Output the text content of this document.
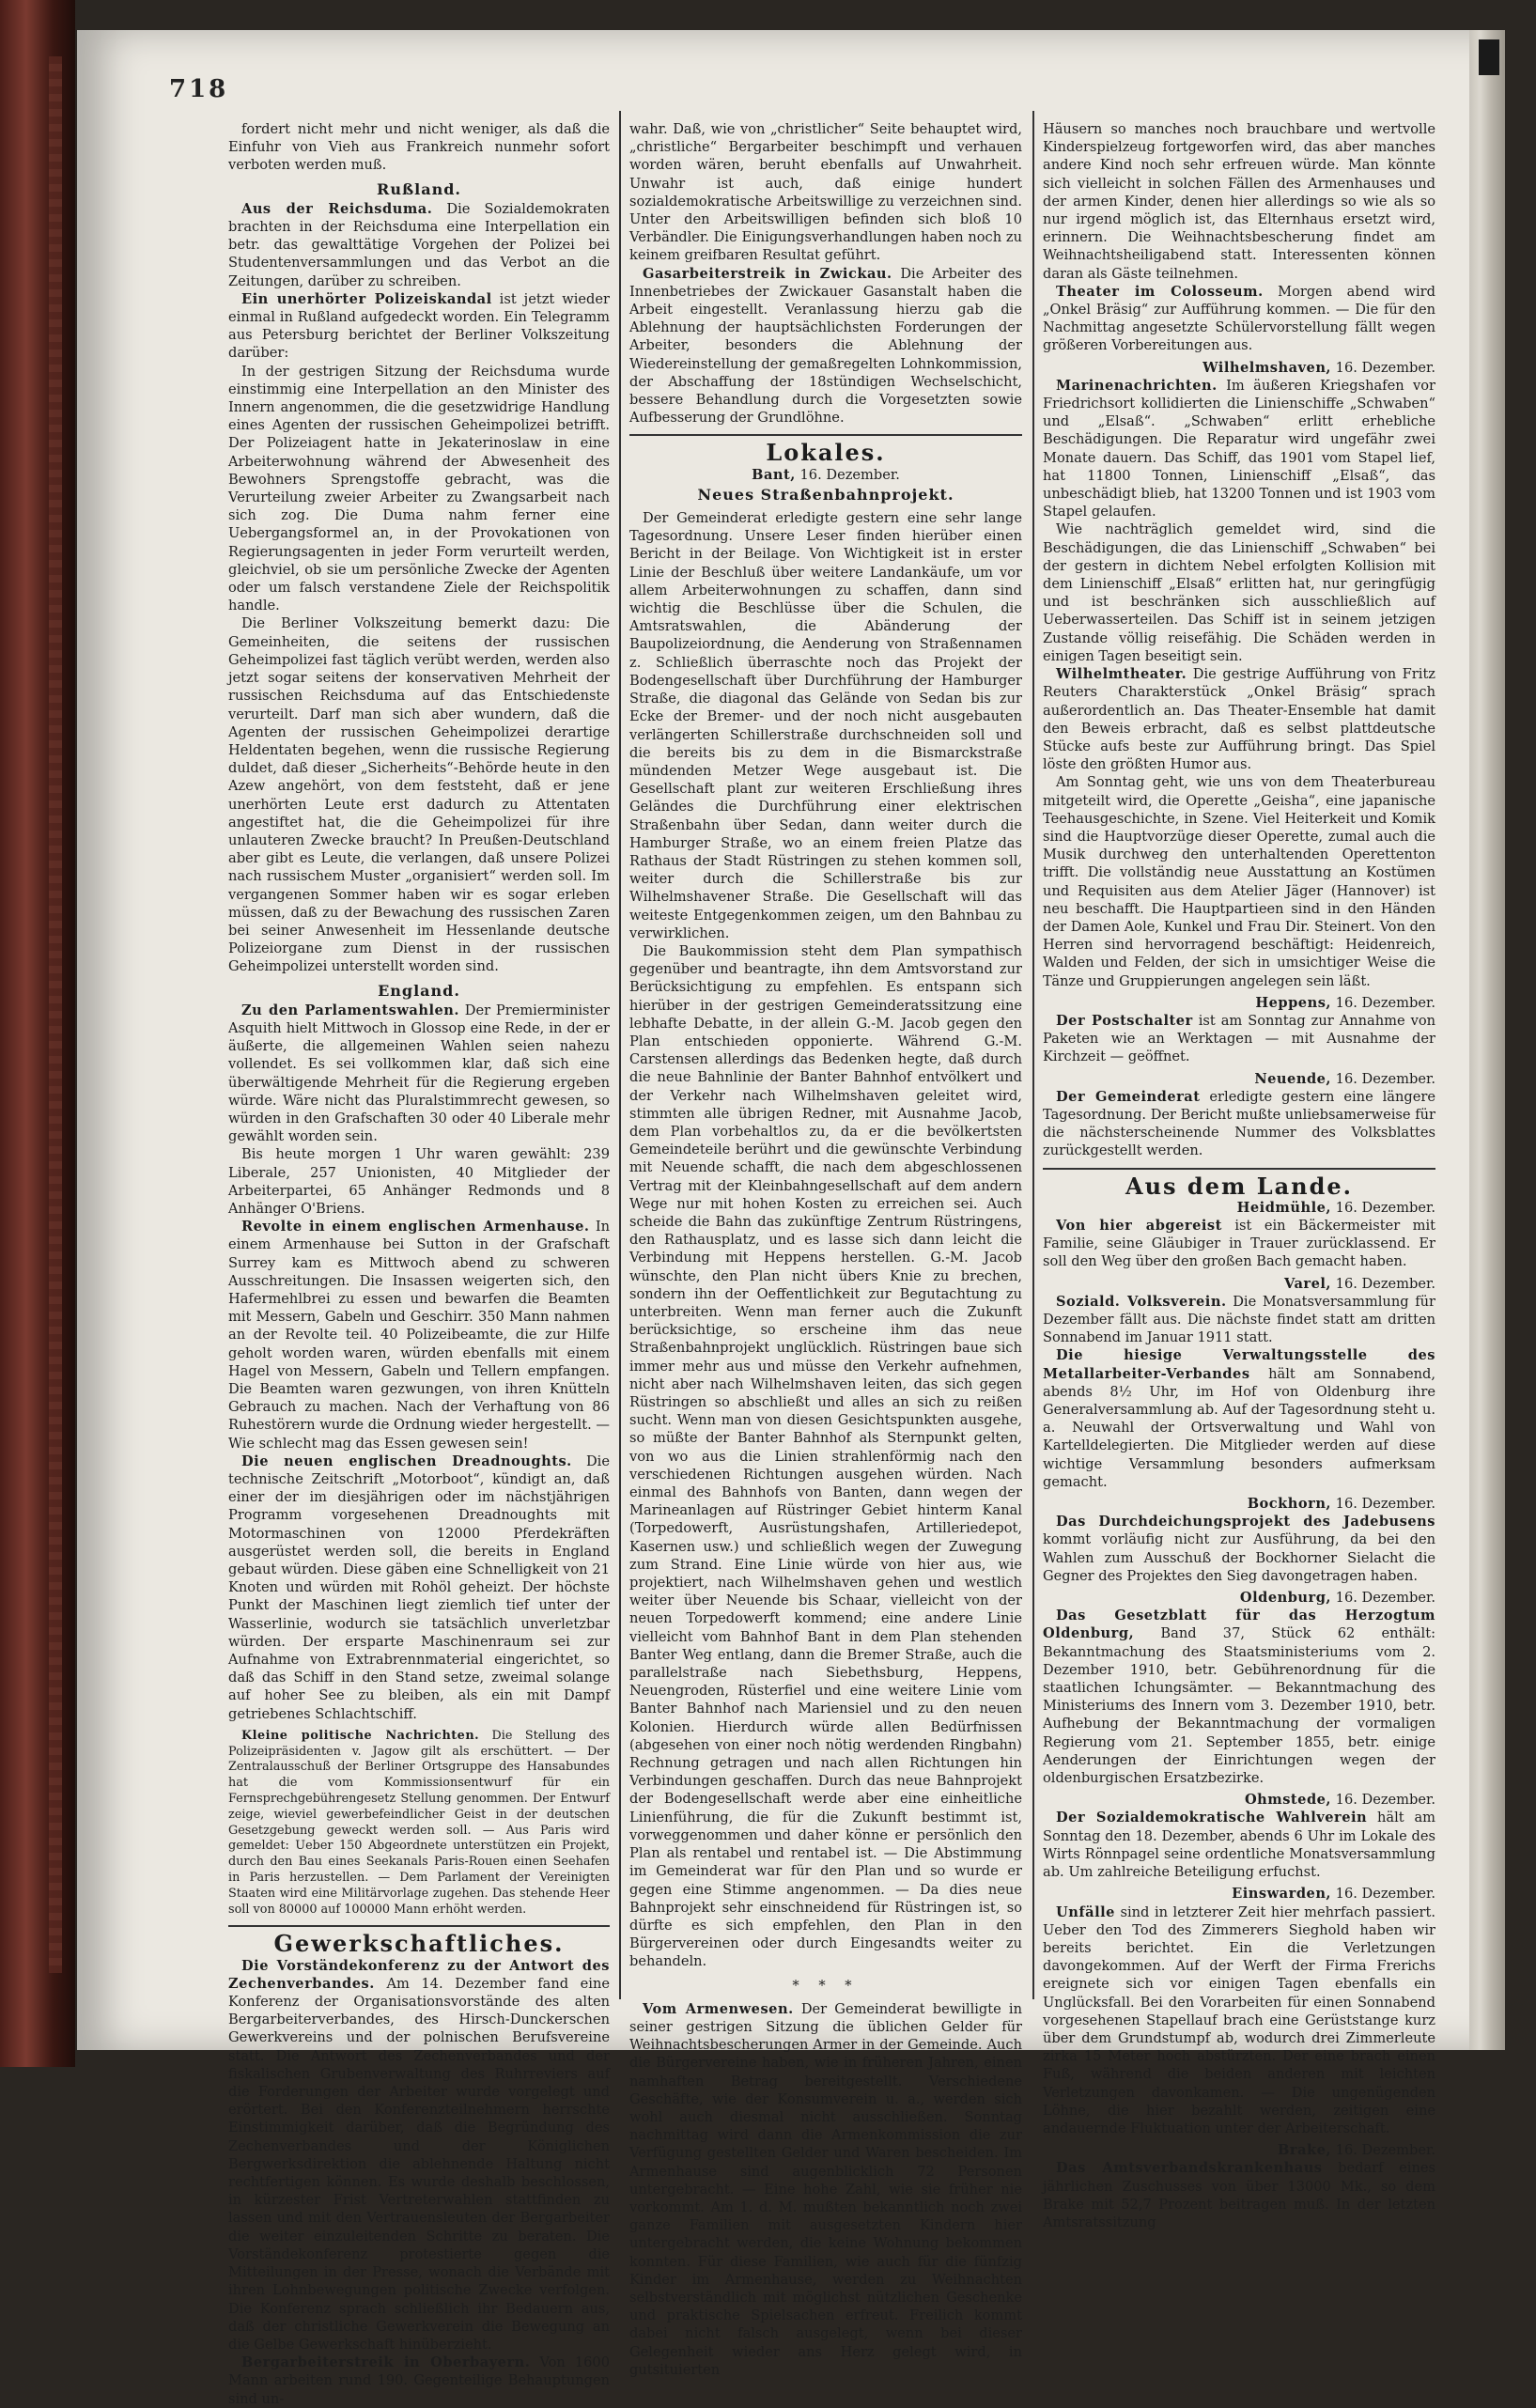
718

fordert nicht mehr und nicht weniger, als daß die Einfuhr von Vieh aus Frankreich nunmehr sofort verboten werden muß.

Rußland.

Aus der Reichsduma. Die Sozialdemokraten brachten in der Reichsduma eine Interpellation ein betr. das gewalttätige Vorgehen der Polizei bei Studentenversammlungen und das Verbot an die Zeitungen, darüber zu schreiben.

Ein unerhörter Polizeiskandal ist jetzt wieder einmal in Rußland aufgedeckt worden. Ein Telegramm aus Petersburg berichtet der Berliner Volkszeitung darüber:

In der gestrigen Sitzung der Reichsduma wurde einstimmig eine Interpellation an den Minister des Innern angenommen, die die gesetzwidrige Handlung eines Agenten der russischen Geheimpolizei betrifft. Der Polizeiagent hatte in Jekaterinoslaw in eine Arbeiterwohnung während der Abwesenheit des Bewohners Sprengstoffe gebracht, was die Verurteilung zweier Arbeiter zu Zwangsarbeit nach sich zog. Die Duma nahm ferner eine Uebergangsformel an, in der Provokationen von Regierungsagenten in jeder Form verurteilt werden, gleichviel, ob sie um persönliche Zwecke der Agenten oder um falsch verstandene Ziele der Reichspolitik handle.

Die Berliner Volkszeitung bemerkt dazu: Die Gemeinheiten, die seitens der russischen Geheimpolizei fast täglich verübt werden, werden also jetzt sogar seitens der konservativen Mehrheit der russischen Reichsduma auf das Entschiedenste verurteilt. Darf man sich aber wundern, daß die Agenten der russischen Geheimpolizei derartige Heldentaten begehen, wenn die russische Regierung duldet, daß dieser „Sicherheits“-Behörde heute in den Azew angehört, von dem feststeht, daß er jene unerhörten Leute erst dadurch zu Attentaten angestiftet hat, die die Geheimpolizei für ihre unlauteren Zwecke braucht? In Preußen-Deutschland aber gibt es Leute, die verlangen, daß unsere Polizei nach russischem Muster „organisiert“ werden soll. Im vergangenen Sommer haben wir es sogar erleben müssen, daß zu der Bewachung des russischen Zaren bei seiner Anwesenheit im Hessenlande deutsche Polizeiorgane zum Dienst in der russischen Geheimpolizei unterstellt worden sind.

England.

Zu den Parlamentswahlen. Der Premierminister Asquith hielt Mittwoch in Glossop eine Rede, in der er äußerte, die allgemeinen Wahlen seien nahezu vollendet. Es sei vollkommen klar, daß sich eine überwältigende Mehrheit für die Regierung ergeben würde. Wäre nicht das Pluralstimmrecht gewesen, so würden in den Grafschaften 30 oder 40 Liberale mehr gewählt worden sein.

Bis heute morgen 1 Uhr waren gewählt: 239 Liberale, 257 Unionisten, 40 Mitglieder der Arbeiterpartei, 65 Anhänger Redmonds und 8 Anhänger O'Briens.

Revolte in einem englischen Armenhause. In einem Armenhause bei Sutton in der Grafschaft Surrey kam es Mittwoch abend zu schweren Ausschreitungen. Die Insassen weigerten sich, den Hafermehlbrei zu essen und bewarfen die Beamten mit Messern, Gabeln und Geschirr. 350 Mann nahmen an der Revolte teil. 40 Polizeibeamte, die zur Hilfe geholt worden waren, würden ebenfalls mit einem Hagel von Messern, Gabeln und Tellern empfangen. Die Beamten waren gezwungen, von ihren Knütteln Gebrauch zu machen. Nach der Verhaftung von 86 Ruhestörern wurde die Ordnung wieder hergestellt. — Wie schlecht mag das Essen gewesen sein!

Die neuen englischen Dreadnoughts. Die technische Zeitschrift „Motorboot“, kündigt an, daß einer der im diesjährigen oder im nächstjährigen Programm vorgesehenen Dreadnoughts mit Motormaschinen von 12000 Pferdekräften ausgerüstet werden soll, die bereits in England gebaut würden. Diese gäben eine Schnelligkeit von 21 Knoten und würden mit Rohöl geheizt. Der höchste Punkt der Maschinen liegt ziemlich tief unter der Wasserlinie, wodurch sie tatsächlich unverletzbar würden. Der ersparte Maschinenraum sei zur Aufnahme von Extrabrennmaterial eingerichtet, so daß das Schiff in den Stand setze, zweimal solange auf hoher See zu bleiben, als ein mit Dampf getriebenes Schlachtschiff.

Kleine politische Nachrichten. Die Stellung des Polizeipräsidenten v. Jagow gilt als erschüttert. — Der Zentralausschuß der Berliner Ortsgruppe des Hansabundes hat die vom Kommissionsentwurf für ein Fernsprechgebührengesetz Stellung genommen. Der Entwurf zeige, wieviel gewerbefeindlicher Geist in der deutschen Gesetzgebung geweckt werden soll. — Aus Paris wird gemeldet: Ueber 150 Abgeordnete unterstützen ein Projekt, durch den Bau eines Seekanals Paris-Rouen einen Seehafen in Paris herzustellen. — Dem Parlament der Vereinigten Staaten wird eine Militärvorlage zugehen. Das stehende Heer soll von 80000 auf 100000 Mann erhöht werden.

Gewerkschaftliches.

Die Vorständekonferenz zu der Antwort des Zechenverbandes. Am 14. Dezember fand eine Konferenz der Organisationsvorstände des alten Bergarbeiterverbandes, des Hirsch-Dunckerschen Gewerkvereins und der polnischen Berufsvereine statt. Die Antwort des Zechenverbandes und der fiskalischen Grubenverwaltung des Ruhrreviers auf die Forderungen der Arbeiter wurde vorgelegt und erörtert. Bei den Konferenzteilnehmern herrschte Einstimmigkeit darüber, daß die Begründung des Zechenverbandes und der Königlichen Bergwerksdirektion die ablehnende Haltung nicht rechtfertigen können. Es wurde deshalb beschlossen, in kürzester Frist Vertreterwahlen stattfinden zu lassen und mit den Vertrauensleuten der Bergarbeiter die weiter einzuleitenden Schritte zu beraten. Die Vorständekonferenz protestierte gegen die Mitteilungen in der Presse, wonach die Verbände mit ihren Lohnbewegungen politische Zwecke verfolgen. Die Konferenz sprach schließlich ihr Bedauern aus, daß der christliche Gewerkverein die Bewegung an die Gelbe Gewerkschaft hinüberzieht.

Bergarbeiterstreik in Oberbayern. Von 1600 Mann arbeiten rund 190. Gegenteilige Behauptungen sind un-

wahr. Daß, wie von „christlicher“ Seite behauptet wird, „christliche“ Bergarbeiter beschimpft und verhauen worden wären, beruht ebenfalls auf Unwahrheit. Unwahr ist auch, daß einige hundert sozialdemokratische Arbeitswillige zu verzeichnen sind. Unter den Arbeitswilligen befinden sich bloß 10 Verbändler. Die Einigungsverhandlungen haben noch zu keinem greifbaren Resultat geführt.

Gasarbeiterstreik in Zwickau. Die Arbeiter des Innenbetriebes der Zwickauer Gasanstalt haben die Arbeit eingestellt. Veranlassung hierzu gab die Ablehnung der hauptsächlichsten Forderungen der Arbeiter, besonders die Ablehnung der Wiedereinstellung der gemaßregelten Lohnkommission, der Abschaffung der 18stündigen Wechselschicht, bessere Behandlung durch die Vorgesetzten sowie Aufbesserung der Grundlöhne.

Lokales.
Bant, 16. Dezember.
Neues Straßenbahnprojekt.

Der Gemeinderat erledigte gestern eine sehr lange Tagesordnung. Unsere Leser finden hierüber einen Bericht in der Beilage. Von Wichtigkeit ist in erster Linie der Beschluß über weitere Landankäufe, um vor allem Arbeiterwohnungen zu schaffen, dann sind wichtig die Beschlüsse über die Schulen, die Amtsratswahlen, die Abänderung der Baupolizeiordnung, die Aenderung von Straßennamen z. Schließlich überraschte noch das Projekt der Bodengesellschaft über Durchführung der Hamburger Straße, die diagonal das Gelände von Sedan bis zur Ecke der Bremer- und der noch nicht ausgebauten verlängerten Schillerstraße durchschneiden soll und die bereits bis zu dem in die Bismarckstraße mündenden Metzer Wege ausgebaut ist. Die Gesellschaft plant zur weiteren Erschließung ihres Geländes die Durchführung einer elektrischen Straßenbahn über Sedan, dann weiter durch die Hamburger Straße, wo an einem freien Platze das Rathaus der Stadt Rüstringen zu stehen kommen soll, weiter durch die Schillerstraße bis zur Wilhelmshavener Straße. Die Gesellschaft will das weiteste Entgegenkommen zeigen, um den Bahnbau zu verwirklichen.

Die Baukommission steht dem Plan sympathisch gegenüber und beantragte, ihn dem Amtsvorstand zur Berücksichtigung zu empfehlen. Es entspann sich hierüber in der gestrigen Gemeinderatssitzung eine lebhafte Debatte, in der allein G.-M. Jacob gegen den Plan entschieden opponierte. Während G.-M. Carstensen allerdings das Bedenken hegte, daß durch die neue Bahnlinie der Banter Bahnhof entvölkert und der Verkehr nach Wilhelmshaven geleitet wird, stimmten alle übrigen Redner, mit Ausnahme Jacob, dem Plan vorbehaltlos zu, da er die bevölkertsten Gemeindeteile berührt und die gewünschte Verbindung mit Neuende schafft, die nach dem abgeschlossenen Vertrag mit der Kleinbahngesellschaft auf dem andern Wege nur mit hohen Kosten zu erreichen sei. Auch scheide die Bahn das zukünftige Zentrum Rüstringens, den Rathausplatz, und es lasse sich dann leicht die Verbindung mit Heppens herstellen. G.-M. Jacob wünschte, den Plan nicht übers Knie zu brechen, sondern ihn der Oeffentlichkeit zur Begutachtung zu unterbreiten. Wenn man ferner auch die Zukunft berücksichtige, so erscheine ihm das neue Straßenbahnprojekt unglücklich. Rüstringen baue sich immer mehr aus und müsse den Verkehr aufnehmen, nicht aber nach Wilhelmshaven leiten, das sich gegen Rüstringen so abschließt und alles an sich zu reißen sucht. Wenn man von diesen Gesichtspunkten ausgehe, so müßte der Banter Bahnhof als Sternpunkt gelten, von wo aus die Linien strahlenförmig nach den verschiedenen Richtungen ausgehen würden. Nach einmal des Bahnhofs von Banten, dann wegen der Marineanlagen auf Rüstringer Gebiet hinterm Kanal (Torpedowerft, Ausrüstungshafen, Artilleriedepot, Kasernen usw.) und schließlich wegen der Zuwegung zum Strand. Eine Linie würde von hier aus, wie projektiert, nach Wilhelmshaven gehen und westlich weiter über Neuende bis Schaar, vielleicht von der neuen Torpedowerft kommend; eine andere Linie vielleicht vom Bahnhof Bant in dem Plan stehenden Banter Weg entlang, dann die Bremer Straße, auch die parallelstraße nach Siebethsburg, Heppens, Neuengroden, Rüsterfiel und eine weitere Linie vom Banter Bahnhof nach Mariensiel und zu den neuen Kolonien. Hierdurch würde allen Bedürfnissen (abgesehen von einer noch nötig werdenden Ringbahn) Rechnung getragen und nach allen Richtungen hin Verbindungen geschaffen. Durch das neue Bahnprojekt der Bodengesellschaft werde aber eine einheitliche Linienführung, die für die Zukunft bestimmt ist, vorweggenommen und daher könne er persönlich den Plan als rentabel und rentabel ist. — Die Abstimmung im Gemeinderat war für den Plan und so wurde er gegen eine Stimme angenommen. — Da dies neue Bahnprojekt sehr einschneidend für Rüstringen ist, so dürfte es sich empfehlen, den Plan in den Bürgervereinen oder durch Eingesandts weiter zu behandeln.

* * *

Vom Armenwesen. Der Gemeinderat bewilligte in seiner gestrigen Sitzung die üblichen Gelder für Weihnachtsbescherungen Armer in der Gemeinde. Auch die Bürgervereine haben, wie in früheren Jahren, einen namhaften Betrag bereitgestellt. Verschiedene Geschäfte, wie der Konsumverein u. a., werden sich wohl auch diesmal nicht ausschließen. Sonntag nachmittag wird dann die Armenkommission die zur Verfügung gestellten Gelder und Waren bescheiden. Im Armenhause sind augenblicklich 72 Personen untergebracht. — Eine hohe Zahl, wie sie früher nie vorkommt. Am 1. d. M. mußten bekanntlich noch zwei ganze Familien mit ausgesetzten Kindern hier untergebracht werden, die keine Wohnung bekommen konnten. Für diese Familien, wie auch für die fünfzig Kinder im Armenhause, werden zu Weihnachten selbstverständlich mit möglichst nützlichen Geschenke und praktische Spielsachen erfreut. Freilich kommt dabei nicht falsch ausgelegt, wenn bei dieser Gelegenheit wieder ans Herz gelegt wird, in gutsituierten

Häusern so manches noch brauchbare und wertvolle Kinderspielzeug fortgeworfen wird, das aber manches andere Kind noch sehr erfreuen würde. Man könnte sich vielleicht in solchen Fällen des Armenhauses und der armen Kinder, denen hier allerdings so wie als so nur irgend möglich ist, das Elternhaus ersetzt wird, erinnern. Die Weihnachtsbescherung findet am Weihnachtsheiligabend statt. Interessenten können daran als Gäste teilnehmen.

Theater im Colosseum. Morgen abend wird „Onkel Bräsig“ zur Aufführung kommen. — Die für den Nachmittag angesetzte Schülervorstellung fällt wegen größeren Vorbereitungen aus.

Wilhelmshaven, 16. Dezember.

Marinenachrichten. Im äußeren Kriegshafen vor Friedrichsort kollidierten die Linienschiffe „Schwaben“ und „Elsaß“. „Schwaben“ erlitt erhebliche Beschädigungen. Die Reparatur wird ungefähr zwei Monate dauern. Das Schiff, das 1901 vom Stapel lief, hat 11800 Tonnen, Linienschiff „Elsaß“, das unbeschädigt blieb, hat 13200 Tonnen und ist 1903 vom Stapel gelaufen.

Wie nachträglich gemeldet wird, sind die Beschädigungen, die das Linienschiff „Schwaben“ bei der gestern in dichtem Nebel erfolgten Kollision mit dem Linienschiff „Elsaß“ erlitten hat, nur geringfügig und ist beschränken sich ausschließlich auf Ueberwasserteilen. Das Schiff ist in seinem jetzigen Zustande völlig reisefähig. Die Schäden werden in einigen Tagen beseitigt sein.

Wilhelmtheater. Die gestrige Aufführung von Fritz Reuters Charakterstück „Onkel Bräsig“ sprach außerordentlich an. Das Theater-Ensemble hat damit den Beweis erbracht, daß es selbst plattdeutsche Stücke aufs beste zur Aufführung bringt. Das Spiel löste den größten Humor aus.

Am Sonntag geht, wie uns von dem Theaterbureau mitgeteilt wird, die Operette „Geisha“, eine japanische Teehausgeschichte, in Szene. Viel Heiterkeit und Komik sind die Hauptvorzüge dieser Operette, zumal auch die Musik durchweg den unterhaltenden Operettenton trifft. Die vollständig neue Ausstattung an Kostümen und Requisiten aus dem Atelier Jäger (Hannover) ist neu beschafft. Die Hauptpartieen sind in den Händen der Damen Aole, Kunkel und Frau Dir. Steinert. Von den Herren sind hervorragend beschäftigt: Heidenreich, Walden und Felden, der sich in umsichtiger Weise die Tänze und Gruppierungen angelegen sein läßt.

Heppens, 16. Dezember.

Der Postschalter ist am Sonntag zur Annahme von Paketen wie an Werktagen — mit Ausnahme der Kirchzeit — geöffnet.

Neuende, 16. Dezember.

Der Gemeinderat erledigte gestern eine längere Tagesordnung. Der Bericht mußte unliebsamerweise für die nächsterscheinende Nummer des Volksblattes zurückgestellt werden.

Aus dem Lande.
Heidmühle, 16. Dezember.

Von hier abgereist ist ein Bäckermeister mit Familie, seine Gläubiger in Trauer zurücklassend. Er soll den Weg über den großen Bach gemacht haben.

Varel, 16. Dezember.

Soziald. Volksverein. Die Monatsversammlung für Dezember fällt aus. Die nächste findet statt am dritten Sonnabend im Januar 1911 statt.

Die hiesige Verwaltungsstelle des Metallarbeiter-Verbandes hält am Sonnabend, abends 8½ Uhr, im Hof von Oldenburg ihre Generalversammlung ab. Auf der Tagesordnung steht u. a. Neuwahl der Ortsverwaltung und Wahl von Kartelldelegierten. Die Mitglieder werden auf diese wichtige Versammlung besonders aufmerksam gemacht.

Bockhorn, 16. Dezember.

Das Durchdeichungsprojekt des Jadebusens kommt vorläufig nicht zur Ausführung, da bei den Wahlen zum Ausschuß der Bockhorner Sielacht die Gegner des Projektes den Sieg davongetragen haben.

Oldenburg, 16. Dezember.

Das Gesetzblatt für das Herzogtum Oldenburg, Band 37, Stück 62 enthält: Bekanntmachung des Staatsministeriums vom 2. Dezember 1910, betr. Gebührenordnung für die staatlichen Ichungsämter. — Bekanntmachung des Ministeriums des Innern vom 3. Dezember 1910, betr. Aufhebung der Bekanntmachung der vormaligen Regierung vom 21. September 1855, betr. einige Aenderungen der Einrichtungen wegen der oldenburgischen Ersatzbezirke.

Ohmstede, 16. Dezember.

Der Sozialdemokratische Wahlverein hält am Sonntag den 18. Dezember, abends 6 Uhr im Lokale des Wirts Rönnpagel seine ordentliche Monatsversammlung ab. Um zahlreiche Beteiligung erfuchst.

Einswarden, 16. Dezember.

Unfälle sind in letzterer Zeit hier mehrfach passiert. Ueber den Tod des Zimmerers Sieghold haben wir bereits berichtet. Ein die Verletzungen davongekommen. Auf der Werft der Firma Frerichs ereignete sich vor einigen Tagen ebenfalls ein Unglücksfall. Bei den Vorarbeiten für einen Sonnabend vorgesehenen Stapellauf brach eine Gerüststange kurz über dem Grundstumpf ab, wodurch drei Zimmerleute zirka 15 Meter hoch abstürzten. Der eine brach einen Fuß, während die beiden anderen mit leichten Verletzungen davonkamen. — Die ungenügenden Löhne, die hier bezahlt werden, zeitigen eine andauernde Fluktuation unter der Arbeiterschaft.

Brake, 16. Dezember.

Das Amtsverbandskrankenhaus bedarf eines jährlichen Zuschusses von über 13000 Mk., so dem Brake mit 52,7 Prozent beitragen muß. In der letzten Amtsratssitzung
